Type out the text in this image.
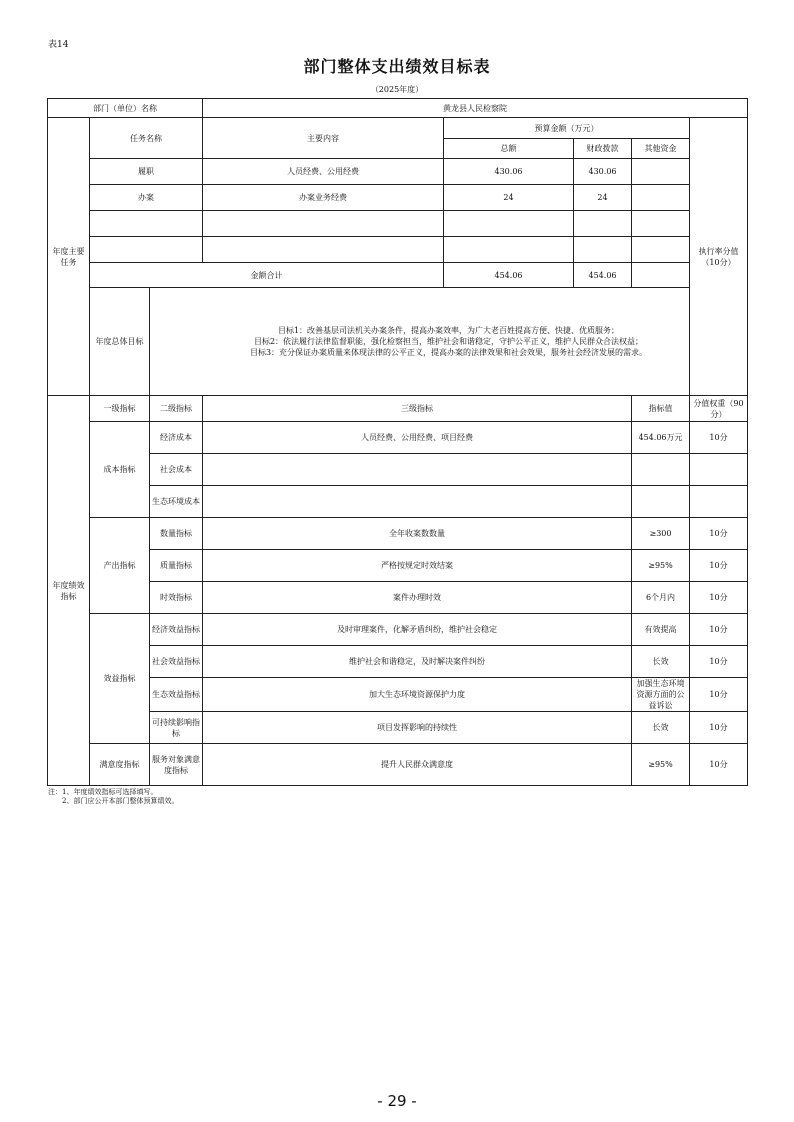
表14
部门整体支出绩效目标表
（2025年度）
部门（单位）名称			黄龙县人民检察院				
年度主要任务	任务名称		主要内容	预算金额（万元）			执行率分值（10分）
				总额	财政拨款	其他资金	
	履职		人员经费、公用经费	430.06	430.06		
	办案		办案业务经费	24	24		

	金额合计			454.06	454.06		
	年度总体目标	目标1：改善基层司法机关办案条件，提高办案效率，为广大老百姓提高方便、快捷、优质服务；
目标2：依法履行法律监督职能，强化检察担当，维护社会和谐稳定，守护公平正义，维护人民群众合法权益；
目标3：充分保证办案质量来体现法律的公平正义，提高办案的法律效果和社会效果，服务社会经济发展的需求。					

年度绩效指标	一级指标	二级指标	三级指标			指标值	分值权重（90分）
	成本指标	经济成本	人员经费、公用经费、项目经费			454.06万元	10分
		社会成本					
		生态环境成本					
	产出指标	数量指标	全年收案数数量			≥300	10分
		质量指标	严格按规定时效结案			≥95%	10分
		时效指标	案件办理时效			6个月内	10分
	效益指标	经济效益指标	及时审理案件，化解矛盾纠纷，维护社会稳定			有效提高	10分
		社会效益指标	维护社会和谐稳定，及时解决案件纠纷			长效	10分
		生态效益指标	加大生态环境资源保护力度			加强生态环境资源方面的公益诉讼	10分
		可持续影响指标	项目发挥影响的持续性			长效	10分
	满意度指标	服务对象满意度指标	提升人民群众满意度			≥95%	10分
注：1、年度绩效指标可选择填写。
2、部门应公开本部门整体预算绩效。
- 29 -
